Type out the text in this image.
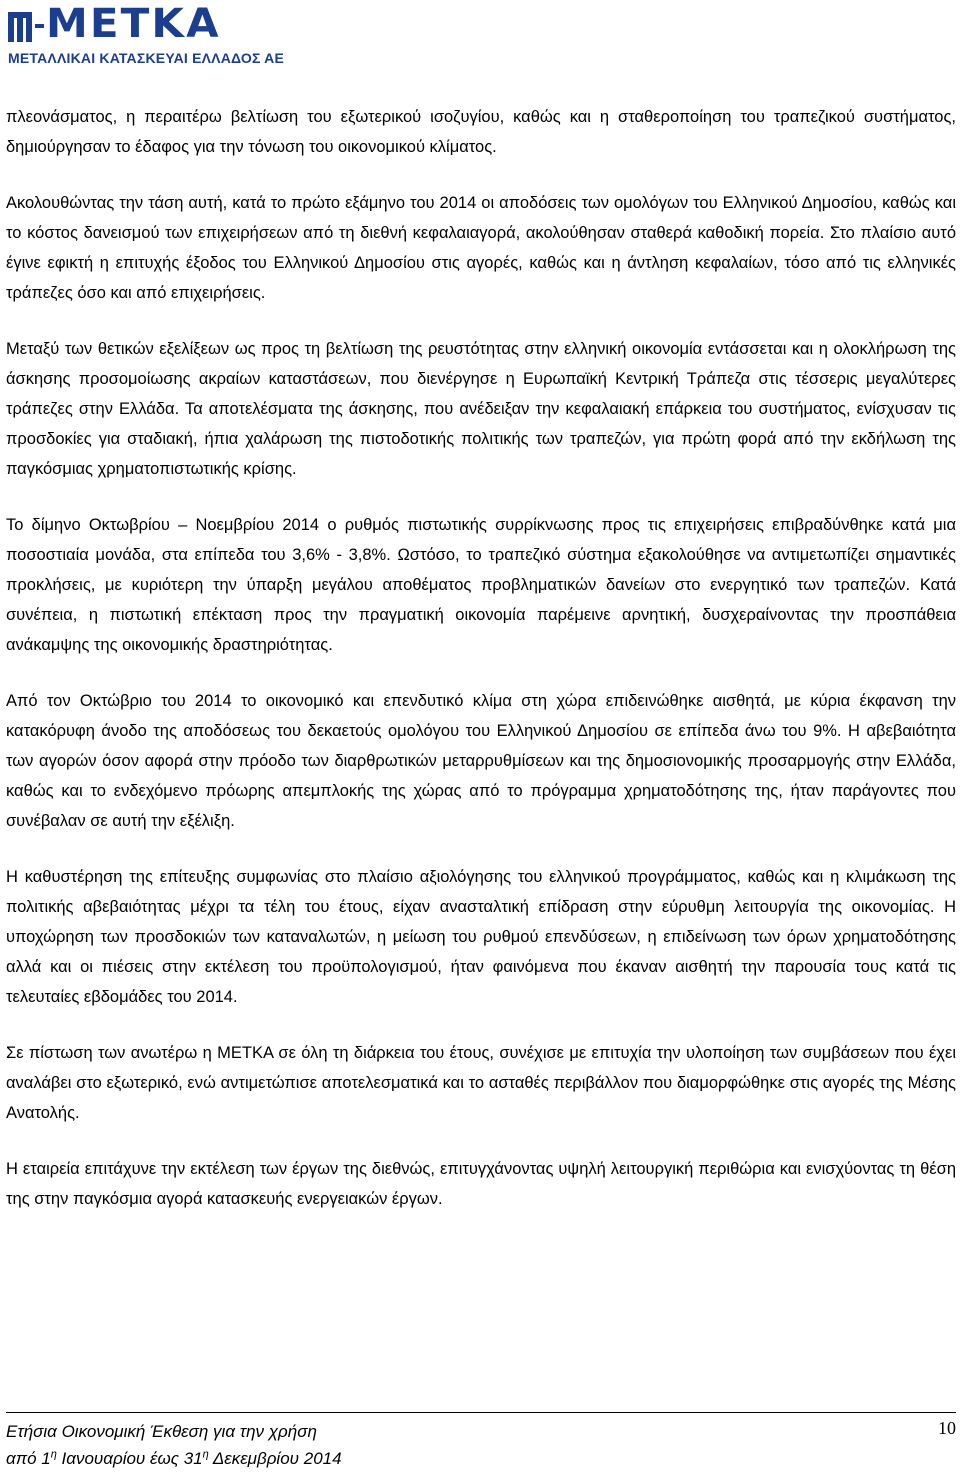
METKA
ΜΕΤΑΛΛΙΚΑΙ ΚΑΤΑΣΚΕΥΑΙ ΕΛΛΑΔΟΣ ΑΕ

πλεονάσματος, η περαιτέρω βελτίωση του εξωτερικού ισοζυγίου, καθώς και η σταθεροποίηση του τραπεζικού συστήματος, δημιούργησαν το έδαφος για την τόνωση του οικονομικού κλίματος.

Ακολουθώντας την τάση αυτή, κατά το πρώτο εξάμηνο του 2014 οι αποδόσεις των ομολόγων του Ελληνικού Δημοσίου, καθώς και το κόστος δανεισμού των επιχειρήσεων από τη διεθνή κεφαλαιαγορά, ακολούθησαν σταθερά καθοδική πορεία. Στο πλαίσιο αυτό έγινε εφικτή η επιτυχής έξοδος του Ελληνικού Δημοσίου στις αγορές, καθώς και η άντληση κεφαλαίων, τόσο από τις ελληνικές τράπεζες όσο και από επιχειρήσεις.

Μεταξύ των θετικών εξελίξεων ως προς τη βελτίωση της ρευστότητας στην ελληνική οικονομία εντάσσεται και η ολοκλήρωση της άσκησης προσομοίωσης ακραίων καταστάσεων, που διενέργησε η Ευρωπαϊκή Κεντρική Τράπεζα στις τέσσερις μεγαλύτερες τράπεζες στην Ελλάδα. Τα αποτελέσματα της άσκησης, που ανέδειξαν την κεφαλαιακή επάρκεια του συστήματος, ενίσχυσαν τις προσδοκίες για σταδιακή, ήπια χαλάρωση της πιστοδοτικής πολιτικής των τραπεζών, για πρώτη φορά από την εκδήλωση της παγκόσμιας χρηματοπιστωτικής κρίσης.

Το δίμηνο Οκτωβρίου – Νοεμβρίου 2014 ο ρυθμός πιστωτικής συρρίκνωσης προς τις επιχειρήσεις επιβραδύνθηκε κατά μια ποσοστιαία μονάδα, στα επίπεδα του 3,6% - 3,8%. Ωστόσο, το τραπεζικό σύστημα εξακολούθησε να αντιμετωπίζει σημαντικές προκλήσεις, με κυριότερη την ύπαρξη μεγάλου αποθέματος προβληματικών δανείων στο ενεργητικό των τραπεζών. Κατά συνέπεια, η πιστωτική επέκταση προς την πραγματική οικονομία παρέμεινε αρνητική, δυσχεραίνοντας την προσπάθεια ανάκαμψης της οικονομικής δραστηριότητας.

Από τον Οκτώβριο του 2014 το οικονομικό και επενδυτικό κλίμα στη χώρα επιδεινώθηκε αισθητά, με κύρια έκφανση την κατακόρυφη άνοδο της αποδόσεως του δεκαετούς ομολόγου του Ελληνικού Δημοσίου σε επίπεδα άνω του 9%. Η αβεβαιότητα των αγορών όσον αφορά στην πρόοδο των διαρθρωτικών μεταρρυθμίσεων και της δημοσιονομικής προσαρμογής στην Ελλάδα, καθώς και το ενδεχόμενο πρόωρης απεμπλοκής της χώρας από το πρόγραμμα χρηματοδότησης της, ήταν παράγοντες που συνέβαλαν σε αυτή την εξέλιξη.

Η καθυστέρηση της επίτευξης συμφωνίας στο πλαίσιο αξιολόγησης του ελληνικού προγράμματος, καθώς και η κλιμάκωση της πολιτικής αβεβαιότητας μέχρι τα τέλη του έτους, είχαν ανασταλτική επίδραση στην εύρυθμη λειτουργία της οικονομίας. Η υποχώρηση των προσδοκιών των καταναλωτών, η μείωση του ρυθμού επενδύσεων, η επιδείνωση των όρων χρηματοδότησης αλλά και οι πιέσεις στην εκτέλεση του προϋπολογισμού, ήταν φαινόμενα που έκαναν αισθητή την παρουσία τους κατά τις τελευταίες εβδομάδες του 2014.

Σε πίστωση των ανωτέρω η ΜΕΤΚΑ σε όλη τη διάρκεια του έτους, συνέχισε με επιτυχία την υλοποίηση των συμβάσεων που έχει αναλάβει στο εξωτερικό, ενώ αντιμετώπισε αποτελεσματικά και το ασταθές περιβάλλον που διαμορφώθηκε στις αγορές της Μέσης Ανατολής.

Η εταιρεία επιτάχυνε την εκτέλεση των έργων της διεθνώς, επιτυγχάνοντας υψηλή λειτουργική περιθώρια και ενισχύοντας τη θέση της στην παγκόσμια αγορά κατασκευής ενεργειακών έργων.

Ετήσια Οικονομική Έκθεση για την χρήση
από $1^\eta$ Ιανουαρίου έως $31^\eta$ Δεκεμβρίου 2014
10
